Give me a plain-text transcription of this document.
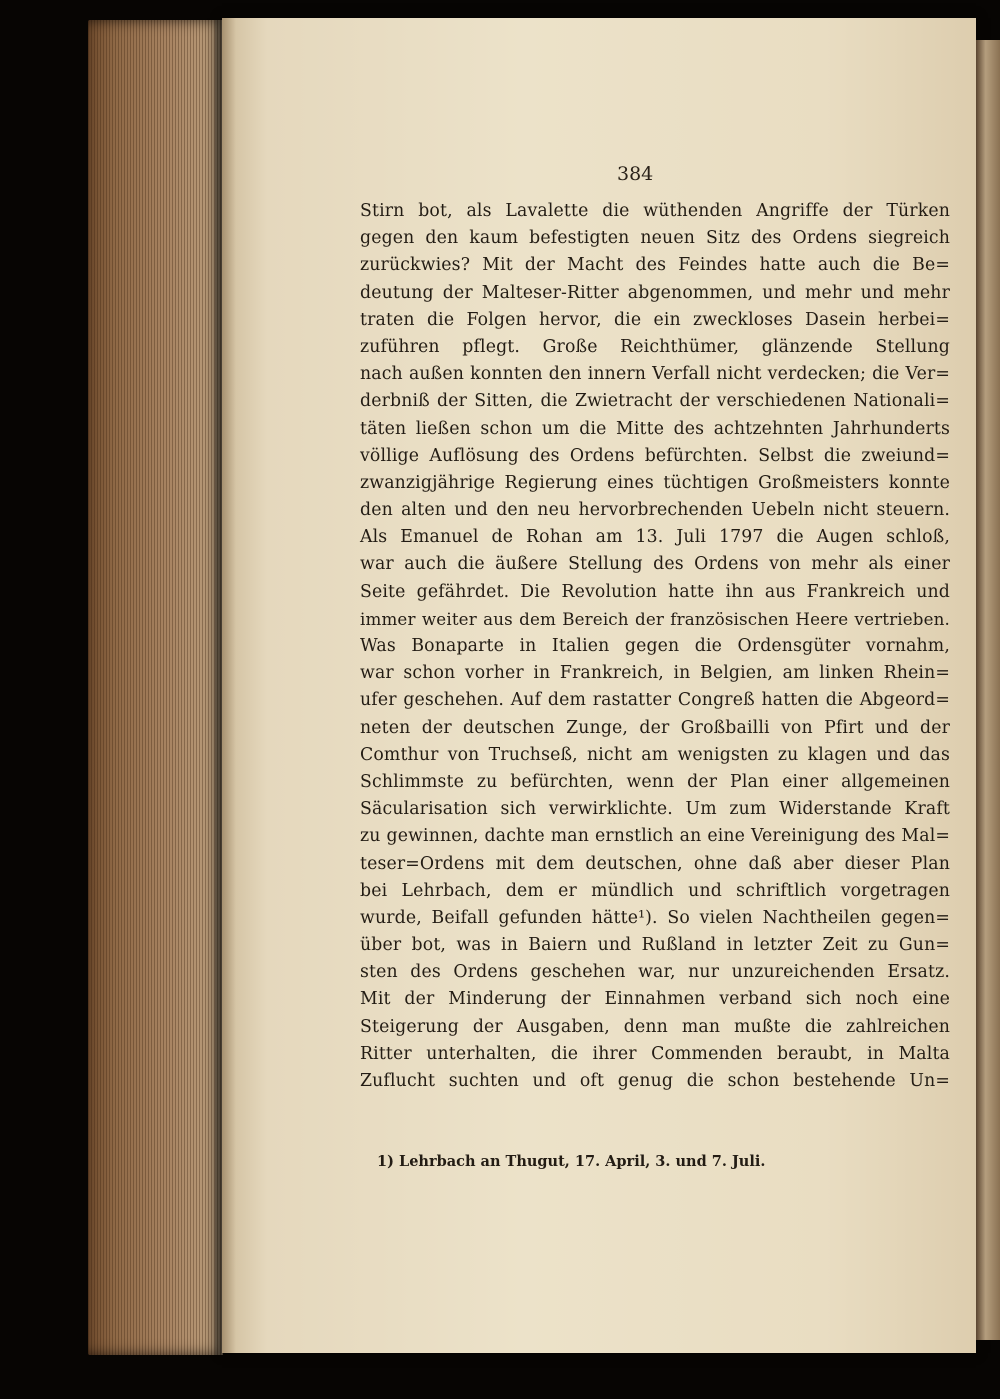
384
Stirn bot, als Lavalette die wüthenden Angriffe der Türken
gegen den kaum befestigten neuen Sitz des Ordens siegreich
zurückwies? Mit der Macht des Feindes hatte auch die Be=
deutung der Malteser-Ritter abgenommen, und mehr und mehr
traten die Folgen hervor, die ein zweckloses Dasein herbei=
zuführen pflegt. Große Reichthümer, glänzende Stellung
nach außen konnten den innern Verfall nicht verdecken; die Ver=
derbniß der Sitten, die Zwietracht der verschiedenen Nationali=
täten ließen schon um die Mitte des achtzehnten Jahrhunderts
völlige Auflösung des Ordens befürchten. Selbst die zweiund=
zwanzigjährige Regierung eines tüchtigen Großmeisters konnte
den alten und den neu hervorbrechenden Uebeln nicht steuern.
Als Emanuel de Rohan am 13. Juli 1797 die Augen schloß,
war auch die äußere Stellung des Ordens von mehr als einer
Seite gefährdet. Die Revolution hatte ihn aus Frankreich und
immer weiter aus dem Bereich der französischen Heere vertrieben.
Was Bonaparte in Italien gegen die Ordensgüter vornahm,
war schon vorher in Frankreich, in Belgien, am linken Rhein=
ufer geschehen. Auf dem rastatter Congreß hatten die Abgeord=
neten der deutschen Zunge, der Großbailli von Pfirt und der
Comthur von Truchseß, nicht am wenigsten zu klagen und das
Schlimmste zu befürchten, wenn der Plan einer allgemeinen
Säcularisation sich verwirklichte. Um zum Widerstande Kraft
zu gewinnen, dachte man ernstlich an eine Vereinigung des Mal=
teser=Ordens mit dem deutschen, ohne daß aber dieser Plan
bei Lehrbach, dem er mündlich und schriftlich vorgetragen
wurde, Beifall gefunden hätte¹). So vielen Nachtheilen gegen=
über bot, was in Baiern und Rußland in letzter Zeit zu Gun=
sten des Ordens geschehen war, nur unzureichenden Ersatz.
Mit der Minderung der Einnahmen verband sich noch eine
Steigerung der Ausgaben, denn man mußte die zahlreichen
Ritter unterhalten, die ihrer Commenden beraubt, in Malta
Zuflucht suchten und oft genug die schon bestehende Un=
1) Lehrbach an Thugut, 17. April, 3. und 7. Juli.
